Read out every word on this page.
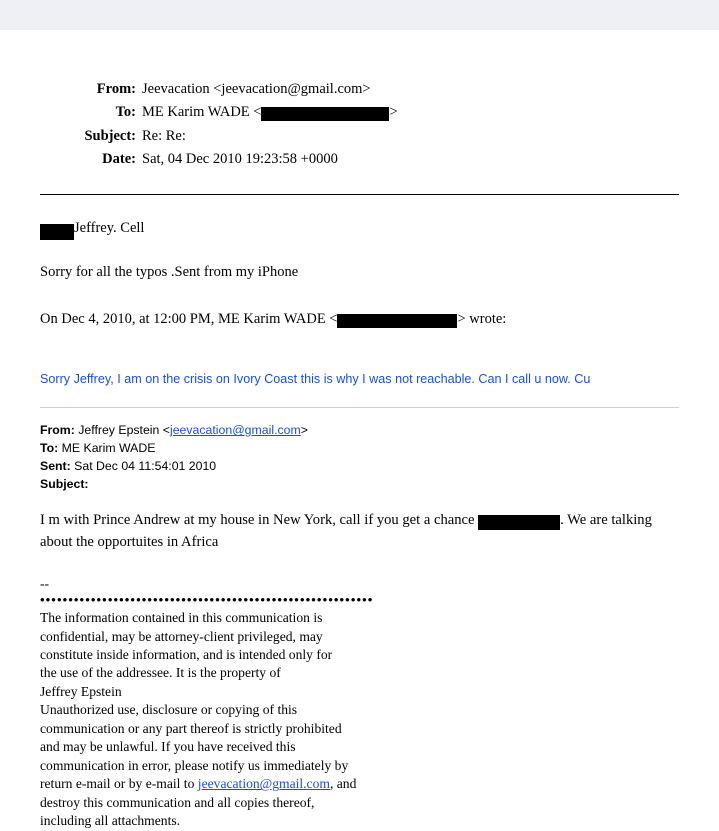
From: Jeevacation <jeevacation@gmail.com>
To: ME Karim WADE <	>
Subject: Re: Re:
Date: Sat, 04 Dec 2010 19:23:58 +0000

Jeffrey. Cell

Sorry for all the typos .Sent from my iPhone

On Dec 4, 2010, at 12:00 PM, ME Karim WADE <	> wrote:

Sorry Jeffrey, I am on the crisis on Ivory Coast this is why I was not reachable. Can I call u now. Cu
From: Jeffrey Epstein <jeevacation@gmail.com>
To: ME Karim WADE
Sent: Sat Dec 04 11:54:01 2010
Subject:
I m with Prince Andrew at my house in New York, call if you get a chance	. We are talking
about the opportuites in Africa
--
•••••••••••••••••••••••••••••••••••••••••••••••••••••••••••
The information contained in this communication is
confidential, may be attorney-client privileged, may
constitute inside information, and is intended only for
the use of the addressee. It is the property of
Jeffrey Epstein
Unauthorized use, disclosure or copying of this
communication or any part thereof is strictly prohibited
and may be unlawful. If you have received this
communication in error, please notify us immediately by
return e-mail or by e-mail to jeevacation@gmail.com, and
destroy this communication and all copies thereof,
including all attachments.
